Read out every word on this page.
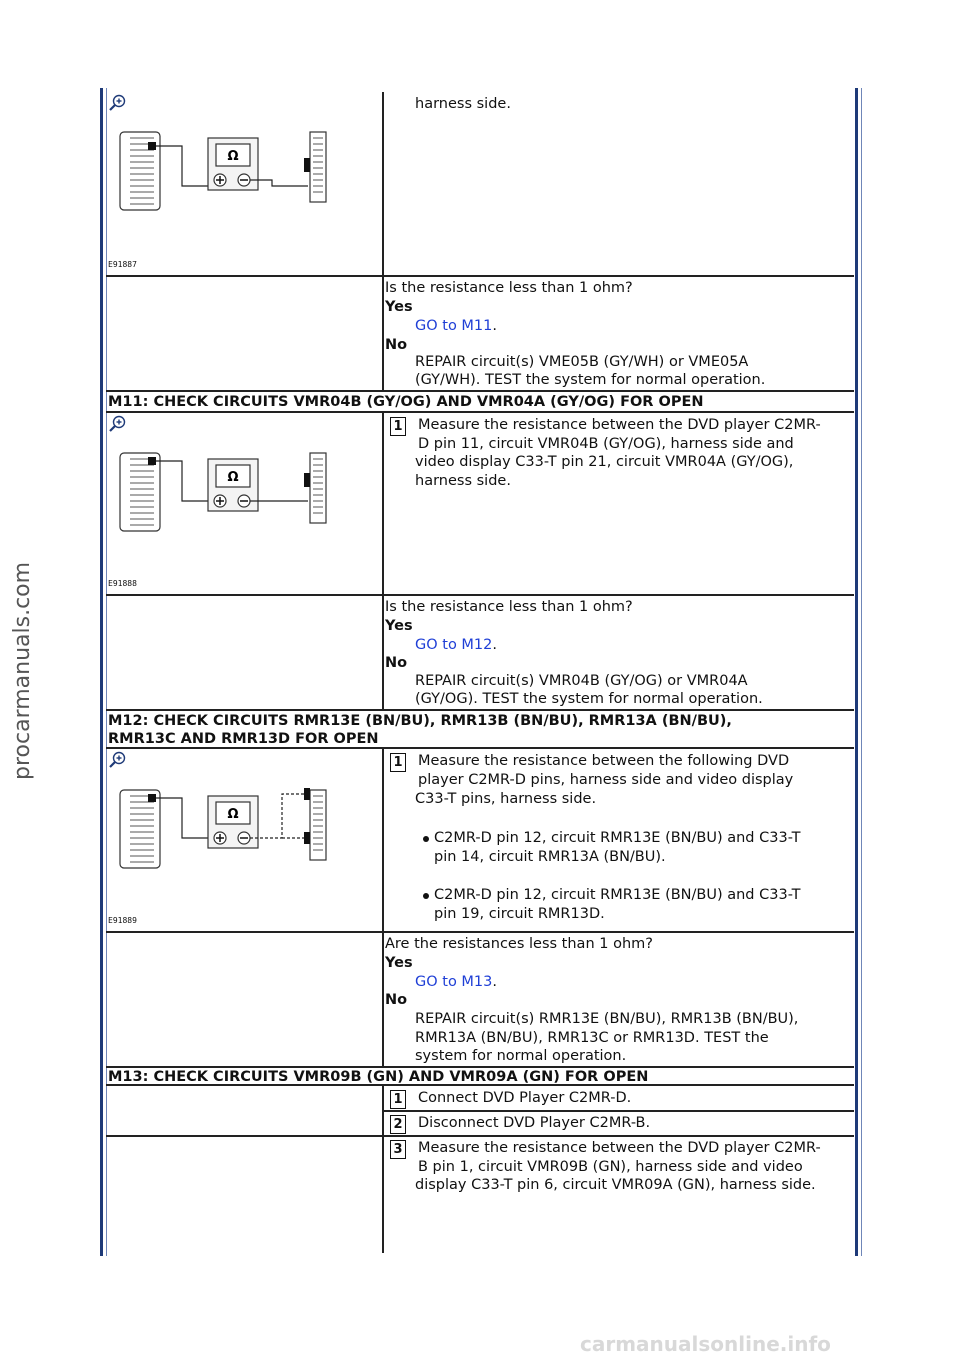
Ω
E91887
harness side.
Is the resistance less than 1 ohm?
Yes
GO to M11.
No
REPAIR circuit(s) VME05B (GY/WH) or VME05A
(GY/WH). TEST the system for normal operation.
M11: CHECK CIRCUITS VMR04B (GY/OG) AND VMR04A (GY/OG) FOR OPEN
Ω
E91888
1 Measure the resistance between the DVD player C2MR-
D pin 11, circuit VMR04B (GY/OG), harness side and
video display C33-T pin 21, circuit VMR04A (GY/OG),
harness side.
Is the resistance less than 1 ohm?
Yes
GO to M12.
No
REPAIR circuit(s) VMR04B (GY/OG) or VMR04A
(GY/OG). TEST the system for normal operation.
M12: CHECK CIRCUITS RMR13E (BN/BU), RMR13B (BN/BU), RMR13A (BN/BU),
RMR13C AND RMR13D FOR OPEN
Ω
E91889
1 Measure the resistance between the following DVD
player C2MR-D pins, harness side and video display
C33-T pins, harness side.
C2MR-D pin 12, circuit RMR13E (BN/BU) and C33-T
pin 14, circuit RMR13A (BN/BU).
C2MR-D pin 12, circuit RMR13E (BN/BU) and C33-T
pin 19, circuit RMR13D.
Are the resistances less than 1 ohm?
Yes
GO to M13.
No
REPAIR circuit(s) RMR13E (BN/BU), RMR13B (BN/BU),
RMR13A (BN/BU), RMR13C or RMR13D. TEST the
system for normal operation.
M13: CHECK CIRCUITS VMR09B (GN) AND VMR09A (GN) FOR OPEN
1 Connect DVD Player C2MR-D.
2 Disconnect DVD Player C2MR-B.
3 Measure the resistance between the DVD player C2MR-
B pin 1, circuit VMR09B (GN), harness side and video
display C33-T pin 6, circuit VMR09A (GN), harness side.
procarmanuals.com
carmanualsonline.info
